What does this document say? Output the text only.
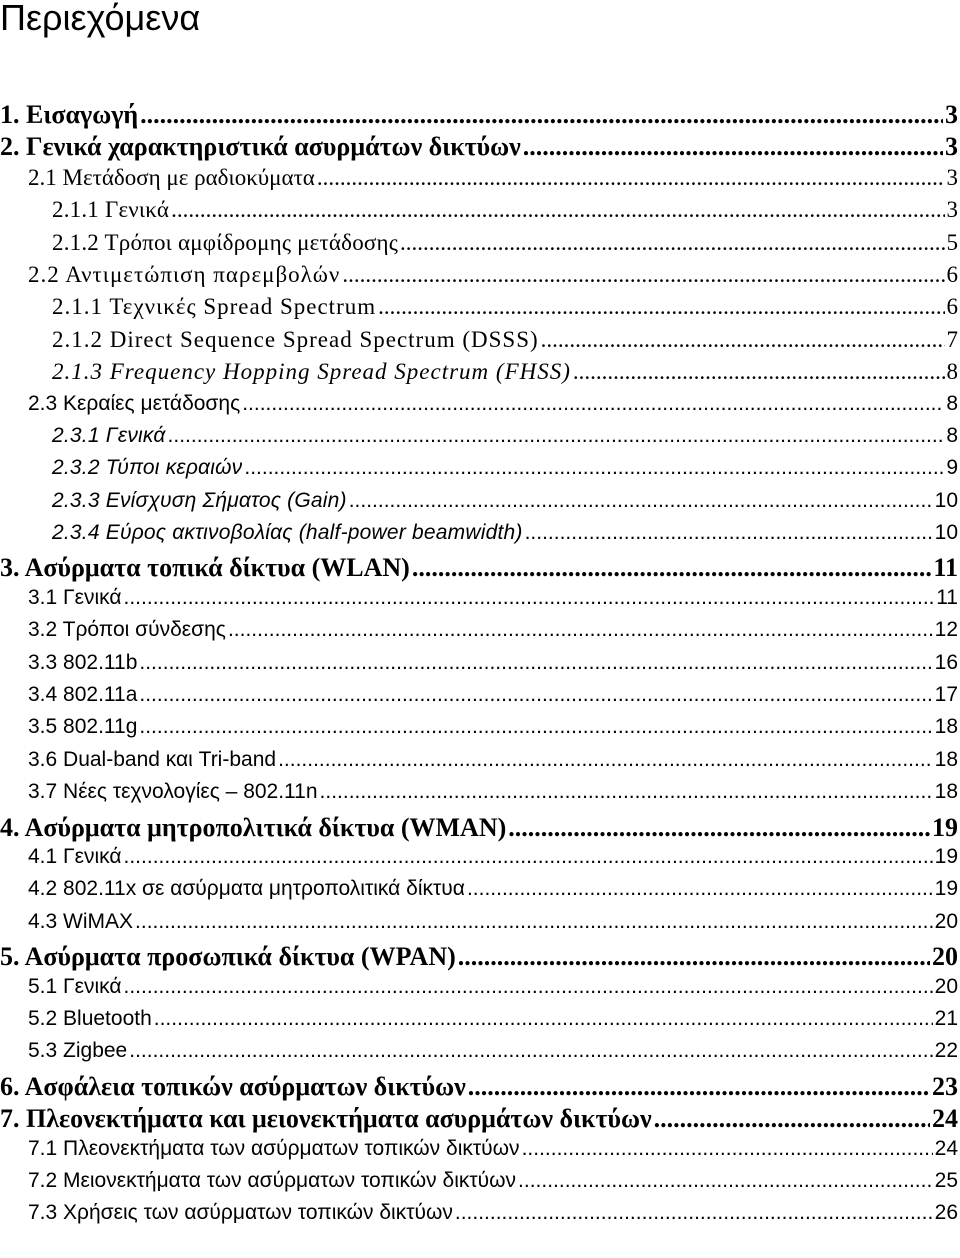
Περιεχόμενα
1. Εισαγωγή .....	3
2. Γενικά χαρακτηριστικά ασυρμάτων δικτύων .....	3
2.1 Μετάδοση με ραδιοκύματα .....	3
2.1.1 Γενικά .....	3
2.1.2 Τρόποι αμφίδρομης μετάδοσης .....	5
2.2 Αντιμετώπιση παρεμβολών .....	6
2.1.1 Τεχνικές Spread Spectrum .....	6
2.1.2 Direct Sequence Spread Spectrum (DSSS) .....	7
2.1.3 Frequency Hopping Spread Spectrum (FHSS) .....	8
2.3 Κεραίες μετάδοσης .....	8
2.3.1 Γενικά .....	8
2.3.2 Τύποι κεραιών .....	9
2.3.3 Ενίσχυση Σήματος (Gain) .....	10
2.3.4 Εύρος ακτινοβολίας (half-power beamwidth) .....	10
3. Ασύρματα τοπικά δίκτυα (WLAN) .....	11
3.1 Γενικά .....	11
3.2 Τρόποι σύνδεσης .....	12
3.3 802.11b .....	16
3.4 802.11a .....	17
3.5 802.11g .....	18
3.6 Dual-band και Tri-band .....	18
3.7 Νέες τεχνολογίες – 802.11n .....	18
4. Ασύρματα μητροπολιτικά δίκτυα (WMAN) .....	19
4.1 Γενικά .....	19
4.2 802.11x σε ασύρματα μητροπολιτικά δίκτυα .....	19
4.3 WiMAX .....	20
5. Ασύρματα προσωπικά δίκτυα (WPAN) .....	20
5.1 Γενικά .....	20
5.2 Bluetooth .....	21
5.3 Zigbee .....	22
6. Ασφάλεια τοπικών ασύρματων δικτύων .....	23
7. Πλεονεκτήματα και μειονεκτήματα ασυρμάτων δικτύων .....	24
7.1 Πλεονεκτήματα των ασύρματων τοπικών δικτύων .....	24
7.2 Μειονεκτήματα των ασύρματων τοπικών δικτύων .....	25
7.3 Χρήσεις των ασύρματων τοπικών δικτύων .....	26
